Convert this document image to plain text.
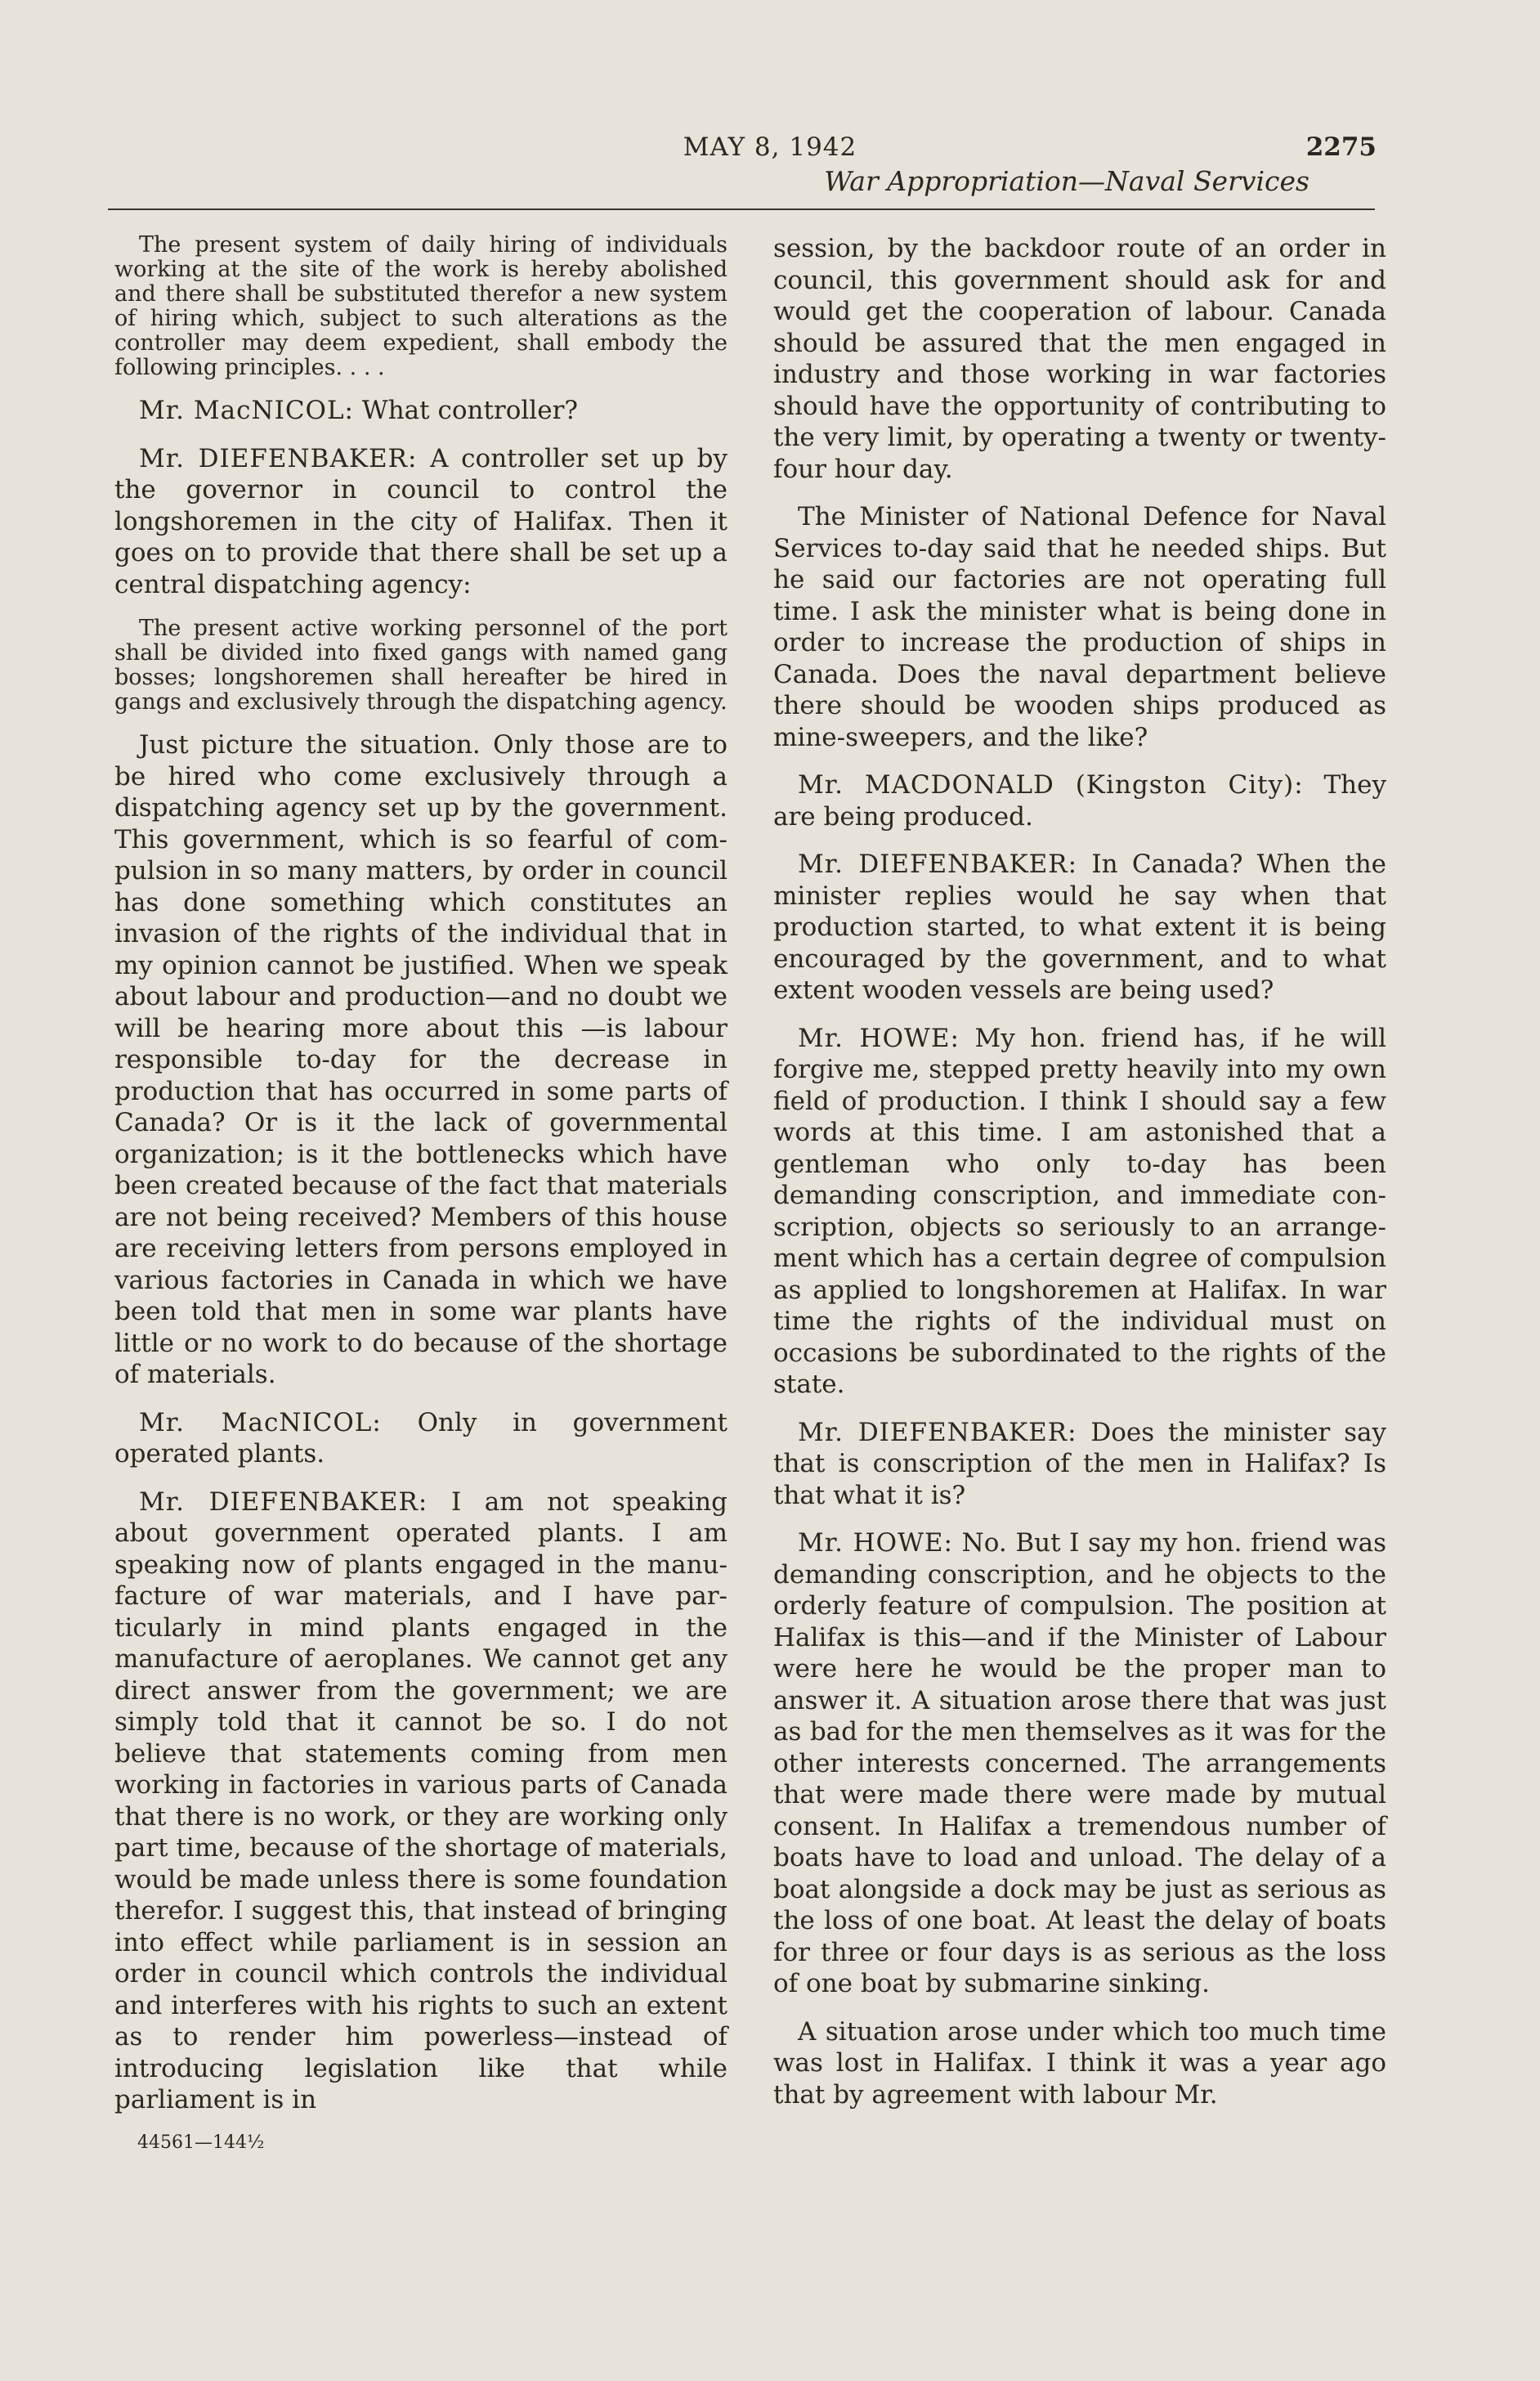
MAY 8, 1942	2275
War Appropriation—Naval Services

The present system of daily hiring of individuals working at the site of the work is hereby abolished and there shall be substituted therefor a new system of hiring which, subject to such alterations as the controller may deem expedient, shall embody the following principles. . . .

Mr. MacNICOL: What controller?

Mr. DIEFENBAKER: A controller set up by the governor in council to control the longshoremen in the city of Halifax. Then it goes on to provide that there shall be set up a central dispatching agency:

The present active working personnel of the port shall be divided into fixed gangs with named gang bosses; longshoremen shall hereafter be hired in gangs and exclusively through the dispatching agency.

Just picture the situation. Only those are to be hired who come exclusively through a dispatching agency set up by the government. This government, which is so fearful of compulsion in so many matters, by order in council has done something which constitutes an invasion of the rights of the individual that in my opinion cannot be justified. When we speak about labour and production—and no doubt we will be hearing more about this —is labour responsible to-day for the decrease in production that has occurred in some parts of Canada? Or is it the lack of governmental organization; is it the bottlenecks which have been created because of the fact that materials are not being received? Members of this house are receiving letters from persons employed in various factories in Canada in which we have been told that men in some war plants have little or no work to do because of the shortage of materials.

Mr. MacNICOL: Only in government operated plants.

Mr. DIEFENBAKER: I am not speaking about government operated plants. I am speaking now of plants engaged in the manufacture of war materials, and I have particularly in mind plants engaged in the manufacture of aeroplanes. We cannot get any direct answer from the government; we are simply told that it cannot be so. I do not believe that statements coming from men working in factories in various parts of Canada that there is no work, or they are working only part time, because of the shortage of materials, would be made unless there is some foundation therefor. I suggest this, that instead of bringing into effect while parliament is in session an order in council which controls the individual and interferes with his rights to such an extent as to render him powerless—instead of introducing legislation like that while parliament is in

44561—144½

session, by the backdoor route of an order in council, this government should ask for and would get the cooperation of labour. Canada should be assured that the men engaged in industry and those working in war factories should have the opportunity of contributing to the very limit, by operating a twenty or twenty-four hour day.

The Minister of National Defence for Naval Services to-day said that he needed ships. But he said our factories are not operating full time. I ask the minister what is being done in order to increase the production of ships in Canada. Does the naval department believe there should be wooden ships produced as mine-sweepers, and the like?

Mr. MACDONALD (Kingston City): They are being produced.

Mr. DIEFENBAKER: In Canada? When the minister replies would he say when that production started, to what extent it is being encouraged by the government, and to what extent wooden vessels are being used?

Mr. HOWE: My hon. friend has, if he will forgive me, stepped pretty heavily into my own field of production. I think I should say a few words at this time. I am astonished that a gentleman who only to-day has been demanding conscription, and immediate conscription, objects so seriously to an arrangement which has a certain degree of compulsion as applied to longshoremen at Halifax. In war time the rights of the individual must on occasions be subordinated to the rights of the state.

Mr. DIEFENBAKER: Does the minister say that is conscription of the men in Halifax? Is that what it is?

Mr. HOWE: No. But I say my hon. friend was demanding conscription, and he objects to the orderly feature of compulsion. The position at Halifax is this—and if the Minister of Labour were here he would be the proper man to answer it. A situation arose there that was just as bad for the men themselves as it was for the other interests concerned. The arrangements that were made there were made by mutual consent. In Halifax a tremendous number of boats have to load and unload. The delay of a boat alongside a dock may be just as serious as the loss of one boat. At least the delay of boats for three or four days is as serious as the loss of one boat by submarine sinking.

A situation arose under which too much time was lost in Halifax. I think it was a year ago that by agreement with labour Mr.
